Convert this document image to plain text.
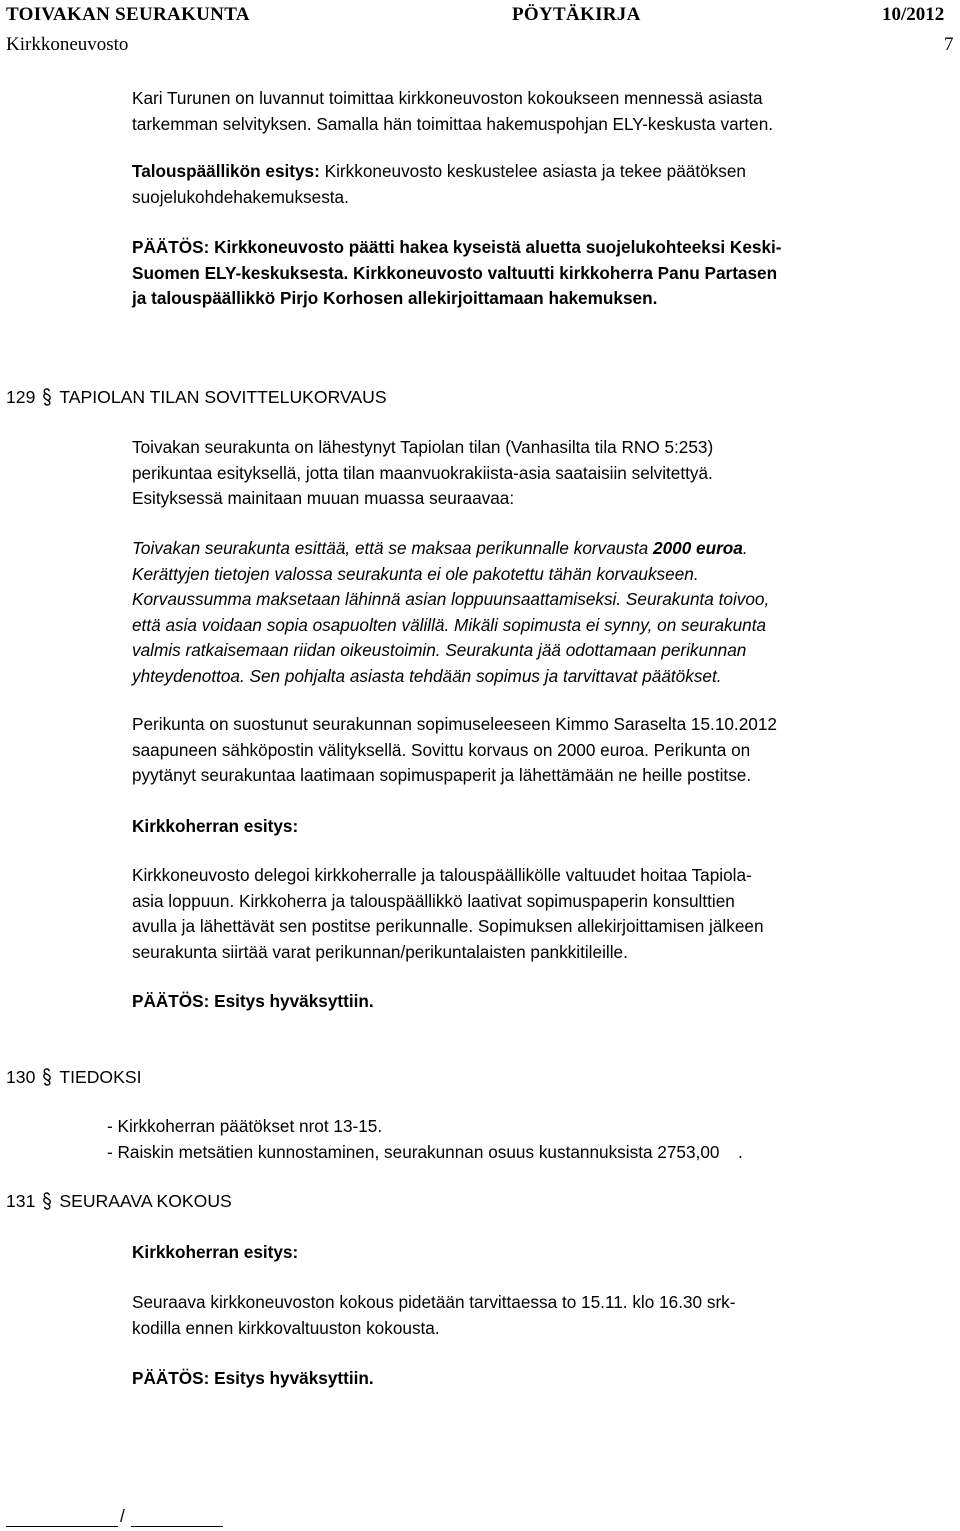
TOIVAKAN SEURAKUNTA	PÖYTÄKIRJA	10/2012
Kirkkoneuvosto	7
Kari Turunen on luvannut toimittaa kirkkoneuvoston kokoukseen mennessä asiasta
tarkemman selvityksen. Samalla hän toimittaa hakemuspohjan ELY-keskusta varten.
Talouspäällikön esitys: Kirkkoneuvosto keskustelee asiasta ja tekee päätöksen
suojelukohdehakemuksesta.
PÄÄTÖS: Kirkkoneuvosto päätti hakea kyseistä aluetta suojelukohteeksi Keski-
Suomen ELY-keskuksesta. Kirkkoneuvosto valtuutti kirkkoherra Panu Partasen
ja talouspäällikkö Pirjo Korhosen allekirjoittamaan hakemuksen.
129 TAPIOLAN TILAN SOVITTELUKORVAUS
Toivakan seurakunta on lähestynyt Tapiolan tilan (Vanhasilta tila RNO 5:253)
perikuntaa esityksellä, jotta tilan maanvuokrakiista-asia saataisiin selvitettyä.
Esityksessä mainitaan muuan muassa seuraavaa:
Toivakan seurakunta esittää, että se maksaa perikunnalle korvausta 2000 euroa.
Kerättyjen tietojen valossa seurakunta ei ole pakotettu tähän korvaukseen.
Korvaussumma maksetaan lähinnä asian loppuunsaattamiseksi. Seurakunta toivoo,
että asia voidaan sopia osapuolten välillä. Mikäli sopimusta ei synny, on seurakunta
valmis ratkaisemaan riidan oikeustoimin. Seurakunta jää odottamaan perikunnan
yhteydenottoa. Sen pohjalta asiasta tehdään sopimus ja tarvittavat päätökset.
Perikunta on suostunut seurakunnan sopimuseleeseen Kimmo Saraselta 15.10.2012
saapuneen sähköpostin välityksellä. Sovittu korvaus on 2000 euroa. Perikunta on
pyytänyt seurakuntaa laatimaan sopimuspaperit ja lähettämään ne heille postitse.
Kirkkoherran esitys:
Kirkkoneuvosto delegoi kirkkoherralle ja talouspäällikölle valtuudet hoitaa Tapiola-
asia loppuun. Kirkkoherra ja talouspäällikkö laativat sopimuspaperin konsulttien
avulla ja lähettävät sen postitse perikunnalle. Sopimuksen allekirjoittamisen jälkeen
seurakunta siirtää varat perikunnan/perikuntalaisten pankkitileille.
PÄÄTÖS: Esitys hyväksyttiin.
130 TIEDOKSI
- Kirkkoherran päätökset nrot 13-15.
- Raiskin metsätien kunnostaminen, seurakunnan osuus kustannuksista 2753,00 .
131 SEURAAVA KOKOUS
Kirkkoherran esitys:
Seuraava kirkkoneuvoston kokous pidetään tarvittaessa to 15.11. klo 16.30 srk-
kodilla ennen kirkkovaltuuston kokousta.
PÄÄTÖS: Esitys hyväksyttiin.
/
